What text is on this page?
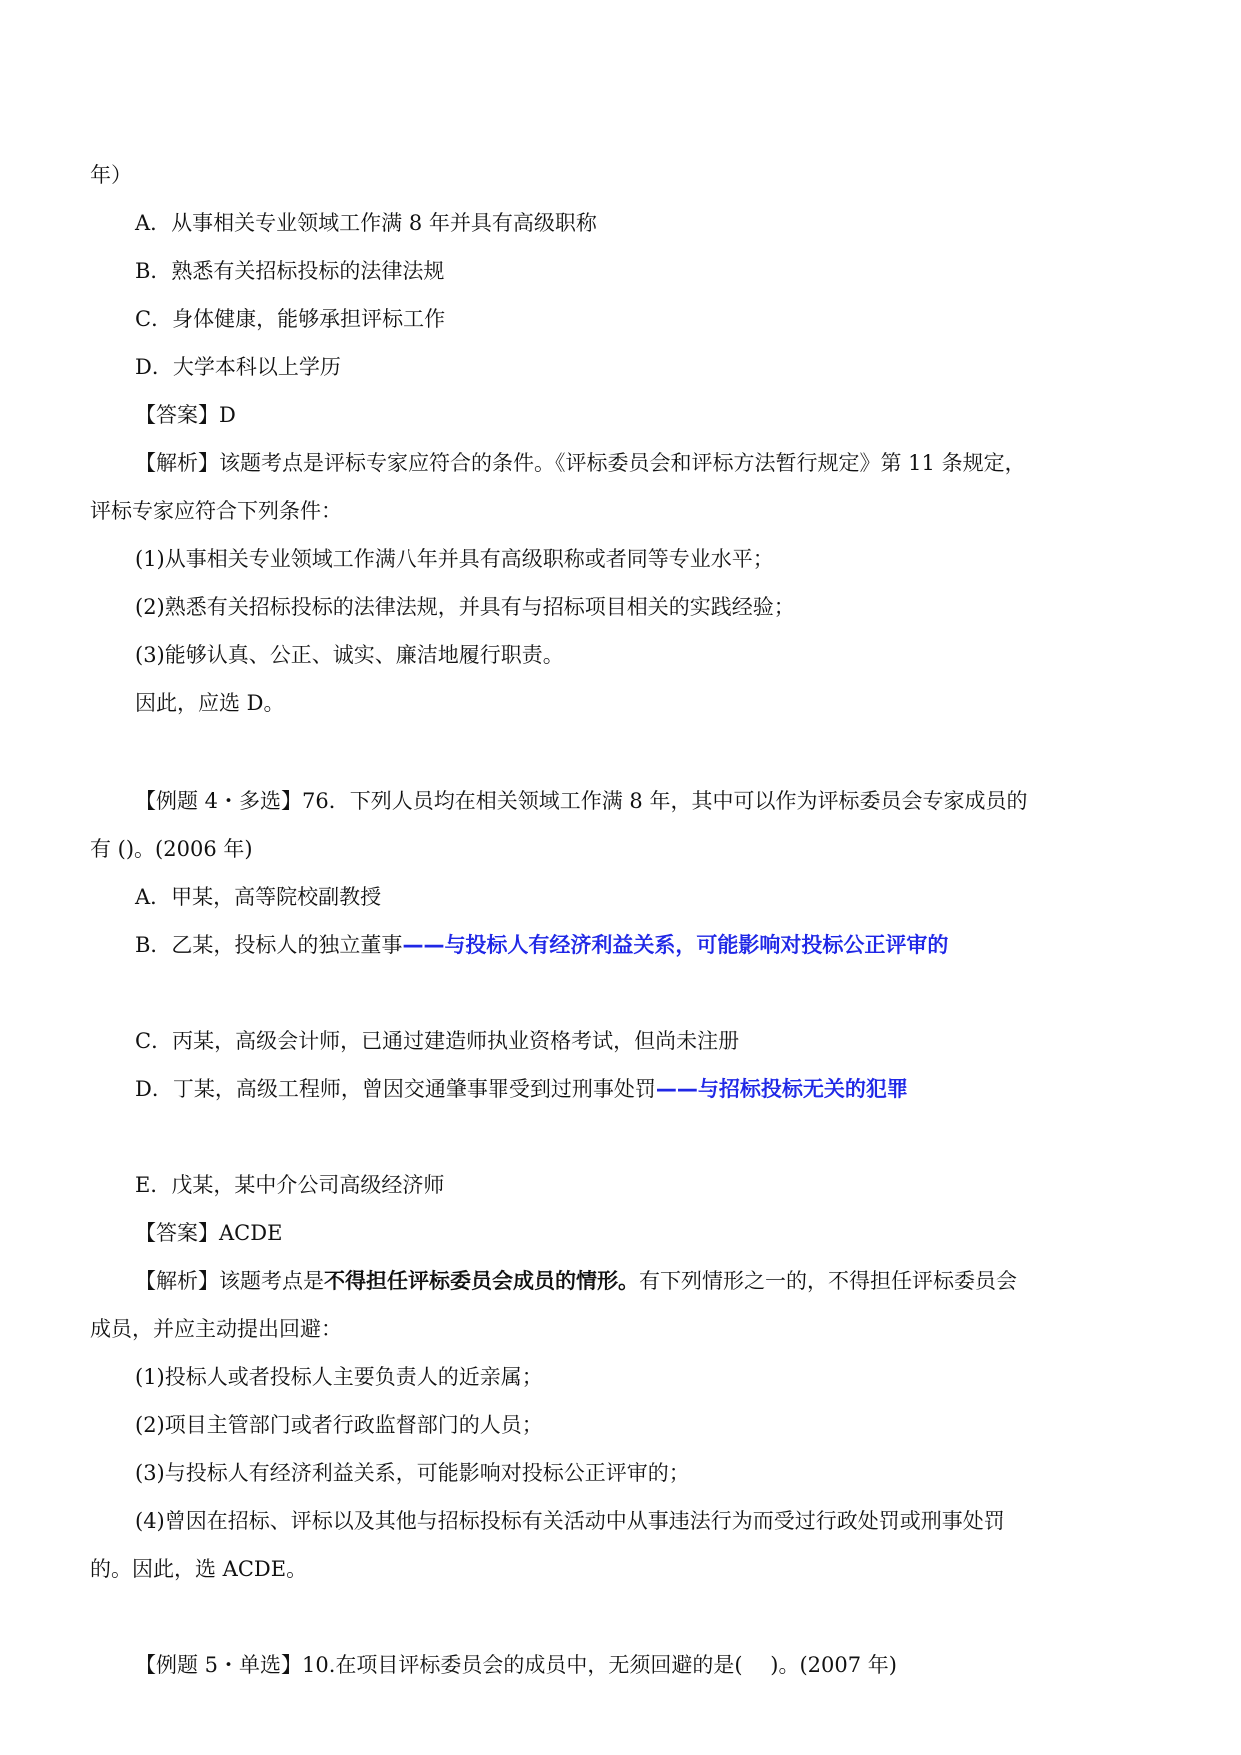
年）
A．从事相关专业领域工作满 8 年并具有高级职称
B．熟悉有关招标投标的法律法规
C．身体健康，能够承担评标工作
D．大学本科以上学历
【答案】D
【解析】该题考点是评标专家应符合的条件。《评标委员会和评标方法暂行规定》第 11 条规定，
评标专家应符合下列条件：
(1)从事相关专业领域工作满八年并具有高级职称或者同等专业水平；
(2)熟悉有关招标投标的法律法规，并具有与招标项目相关的实践经验；
(3)能够认真、公正、诚实、廉洁地履行职责。
因此，应选 D。
【例题 4・多选】76．下列人员均在相关领域工作满 8 年，其中可以作为评标委员会专家成员的
有 ()。(2006 年)
A．甲某，高等院校副教授
B．乙某，投标人的独立董事——与投标人有经济利益关系，可能影响对投标公正评审的
C．丙某，高级会计师，已通过建造师执业资格考试，但尚未注册
D．丁某，高级工程师，曾因交通肇事罪受到过刑事处罚——与招标投标无关的犯罪
E．戊某，某中介公司高级经济师
【答案】ACDE
【解析】该题考点是不得担任评标委员会成员的情形。有下列情形之一的，不得担任评标委员会
成员，并应主动提出回避：
(1)投标人或者投标人主要负责人的近亲属；
(2)项目主管部门或者行政监督部门的人员；
(3)与投标人有经济利益关系，可能影响对投标公正评审的；
(4)曾因在招标、评标以及其他与招标投标有关活动中从事违法行为而受过行政处罚或刑事处罚
的。因此，选 ACDE。
【例题 5・单选】10.在项目评标委员会的成员中，无须回避的是(　 )。(2007 年)
